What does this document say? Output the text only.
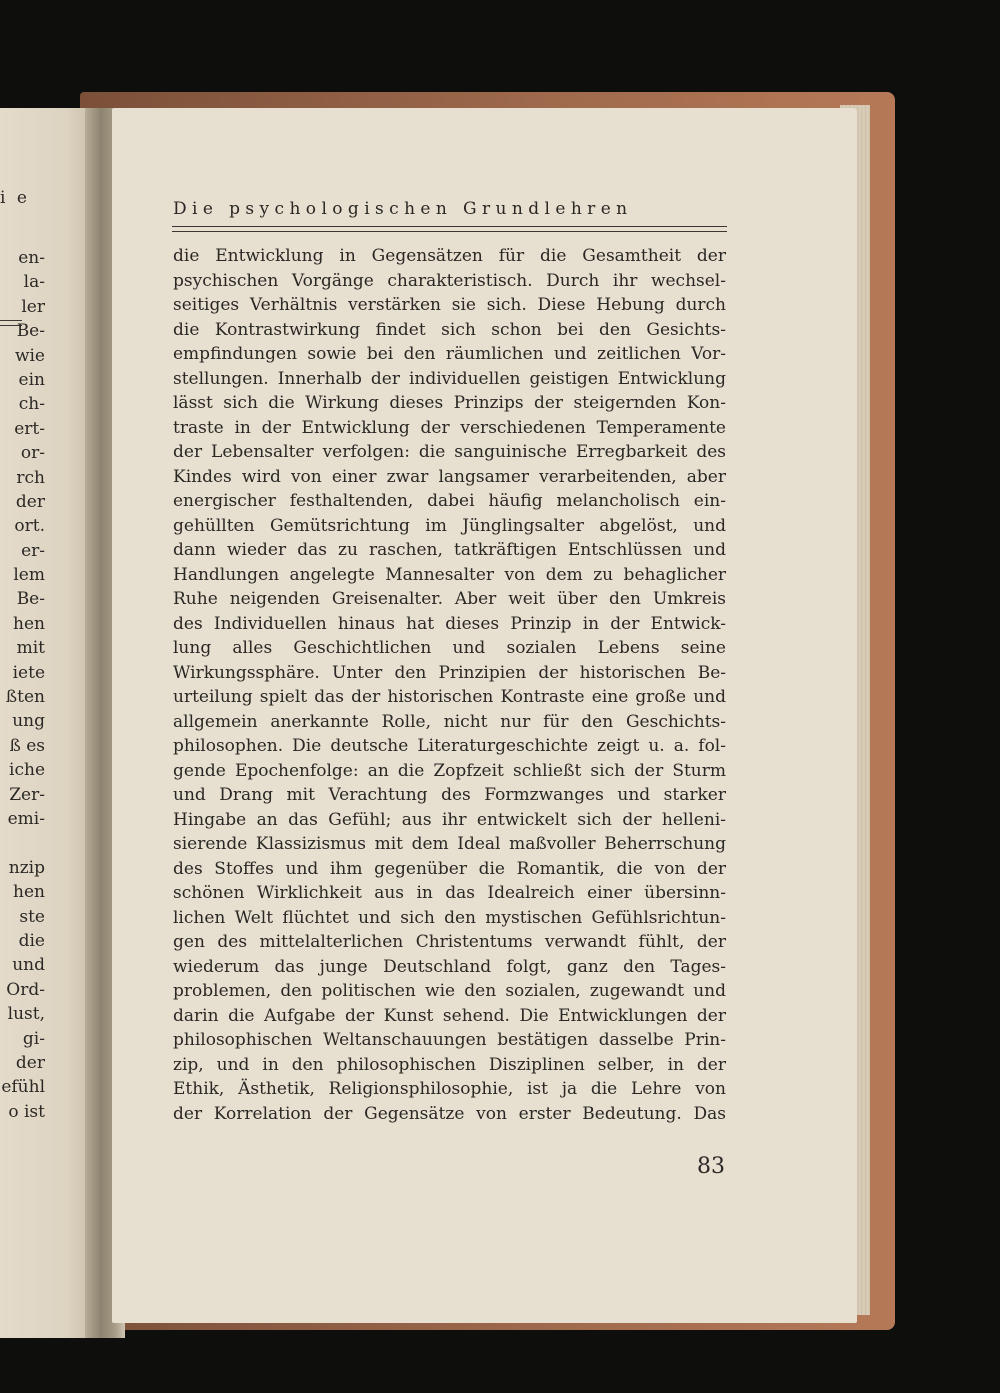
i e

en-
la-
ler
Be-
wie
ein
ch-
ert-
or-
rch
der
ort.
er-
lem
Be-
hen
mit
iete
ßten
ung
ß es
iche
Zer-
emi-
nzip
hen
ste
die
und
Ord-
lust,
gi-
der
efühl
o ist

Die psychologischen Grundlehren

die Entwicklung in Gegensätzen für die Gesamtheit der
psychischen Vorgänge charakteristisch. Durch ihr wechsel-
seitiges Verhältnis verstärken sie sich. Diese Hebung durch
die Kontrastwirkung findet sich schon bei den Gesichts-
empfindungen sowie bei den räumlichen und zeitlichen Vor-
stellungen. Innerhalb der individuellen geistigen Entwicklung
lässt sich die Wirkung dieses Prinzips der steigernden Kon-
traste in der Entwicklung der verschiedenen Temperamente
der Lebensalter verfolgen: die sanguinische Erregbarkeit des
Kindes wird von einer zwar langsamer verarbeitenden, aber
energischer festhaltenden, dabei häufig melancholisch ein-
gehüllten Gemütsrichtung im Jünglingsalter abgelöst, und
dann wieder das zu raschen, tatkräftigen Entschlüssen und
Handlungen angelegte Mannesalter von dem zu behaglicher
Ruhe neigenden Greisenalter. Aber weit über den Umkreis
des Individuellen hinaus hat dieses Prinzip in der Entwick-
lung alles Geschichtlichen und sozialen Lebens seine
Wirkungssphäre. Unter den Prinzipien der historischen Be-
urteilung spielt das der historischen Kontraste eine große und
allgemein anerkannte Rolle, nicht nur für den Geschichts-
philosophen. Die deutsche Literaturgeschichte zeigt u. a. fol-
gende Epochenfolge: an die Zopfzeit schließt sich der Sturm
und Drang mit Verachtung des Formzwanges und starker
Hingabe an das Gefühl; aus ihr entwickelt sich der helleni-
sierende Klassizismus mit dem Ideal maßvoller Beherrschung
des Stoffes und ihm gegenüber die Romantik, die von der
schönen Wirklichkeit aus in das Idealreich einer übersinn-
lichen Welt flüchtet und sich den mystischen Gefühlsrichtun-
gen des mittelalterlichen Christentums verwandt fühlt, der
wiederum das junge Deutschland folgt, ganz den Tages-
problemen, den politischen wie den sozialen, zugewandt und
darin die Aufgabe der Kunst sehend. Die Entwicklungen der
philosophischen Weltanschauungen bestätigen dasselbe Prin-
zip, und in den philosophischen Disziplinen selber, in der
Ethik, Ästhetik, Religionsphilosophie, ist ja die Lehre von
der Korrelation der Gegensätze von erster Bedeutung. Das

83
